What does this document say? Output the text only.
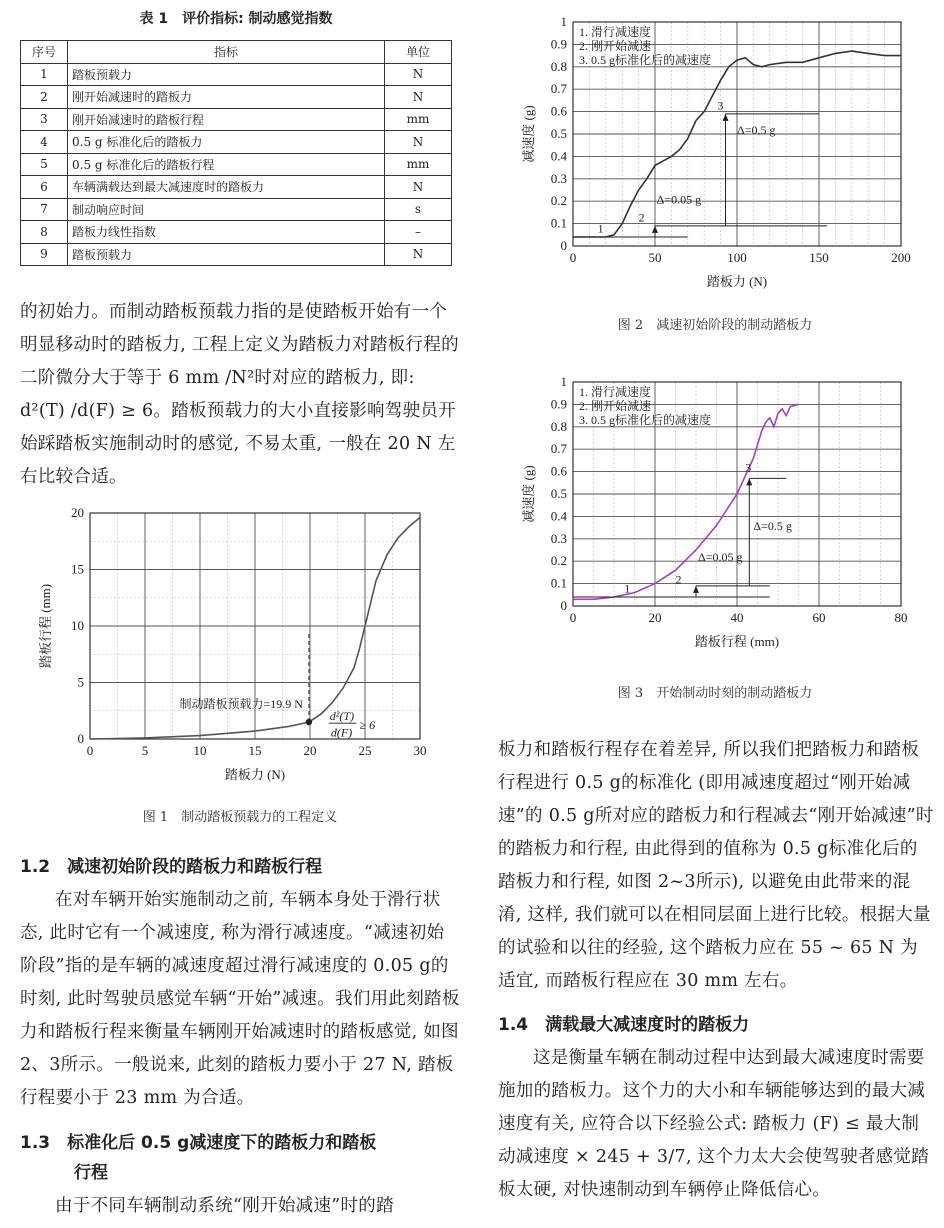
表 1　评价指标: 制动感觉指数
序号	指标	单位
1	踏板预载力	N
2	刚开始减速时的踏板力	N
3	刚开始减速时的踏板行程	mm
4	0.5 g 标准化后的踏板力	N
5	0.5 g 标准化后的踏板行程	mm
6	车辆满载达到最大减速度时的踏板力	N
7	制动响应时间	s
8	踏板力线性指数	–
9	踏板预载力	N

的初始力。而制动踏板预载力指的是使踏板开始有一个明显移动时的踏板力, 工程上定义为踏板力对踏板行程的二阶微分大于等于 6 mm /N²时对应的踏板力, 即: d²(T) /d(F) ≥ 6。踏板预载力的大小直接影响驾驶员开始踩踏板实施制动时的感觉, 不易太重, 一般在 20 N 左右比较合适。

0	5	10	15	20	25	30
0
5
10
15
20
踏板力 (N)
踏板行程 (mm)
制动踏板预载力=19.9 N
d²(T)
d(F)
≥ 6
图 1　制动踏板预载力的工程定义
1.2　减速初始阶段的踏板力和踏板行程

在对车辆开始实施制动之前, 车辆本身处于滑行状态, 此时它有一个减速度, 称为滑行减速度。“减速初始阶段”指的是车辆的减速度超过滑行减速度的 0.05 g的时刻, 此时驾驶员感觉车辆“开始”减速。我们用此刻踏板力和踏板行程来衡量车辆刚开始减速时的踏板感觉, 如图 2、3所示。一般说来, 此刻的踏板力要小于 27 N, 踏板行程要小于 23 mm 为合适。

1.3　标准化后 0.5 g减速度下的踏板力和踏板
行程

由于不同车辆制动系统“刚开始减速”时的踏

0	50	100	150	200
0
0.1
0.2
0.3
0.4
0.5
0.6
0.7
0.8
0.9
1
踏板力 (N)
减速度 (g)
1. 滑行减速度
2. 刚开始减速
3. 0.5 g标准化后的减速度
Δ=0.05 g
Δ=0.5 g
1
2
3
图 2　减速初始阶段的制动踏板力
0	20	40	60	80
0
0.1
0.2
0.3
0.4
0.5
0.6
0.7
0.8
0.9
1
踏板行程 (mm)
减速度 (g)
1. 滑行减速度
2. 刚开始减速
3. 0.5 g标准化后的减速度
Δ=0.05 g
Δ=0.5 g
1
2
3
图 3　开始制动时刻的制动踏板力

板力和踏板行程存在着差异, 所以我们把踏板力和踏板行程进行 0.5 g的标准化 (即用减速度超过“刚开始减速”的 0.5 g所对应的踏板力和行程减去“刚开始减速”时的踏板力和行程, 由此得到的值称为 0.5 g标准化后的踏板力和行程, 如图 2~3所示), 以避免由此带来的混淆, 这样, 我们就可以在相同层面上进行比较。根据大量的试验和以往的经验, 这个踏板力应在 55 ~ 65 N 为适宜, 而踏板行程应在 30 mm 左右。

1.4　满载最大减速度时的踏板力

这是衡量车辆在制动过程中达到最大减速度时需要施加的踏板力。这个力的大小和车辆能够达到的最大减速度有关, 应符合以下经验公式: 踏板力 (F) ≤ 最大制动减速度 × 245 + 3/7, 这个力太大会使驾驶者感觉踏板太硬, 对快速制动到车辆停止降低信心。
